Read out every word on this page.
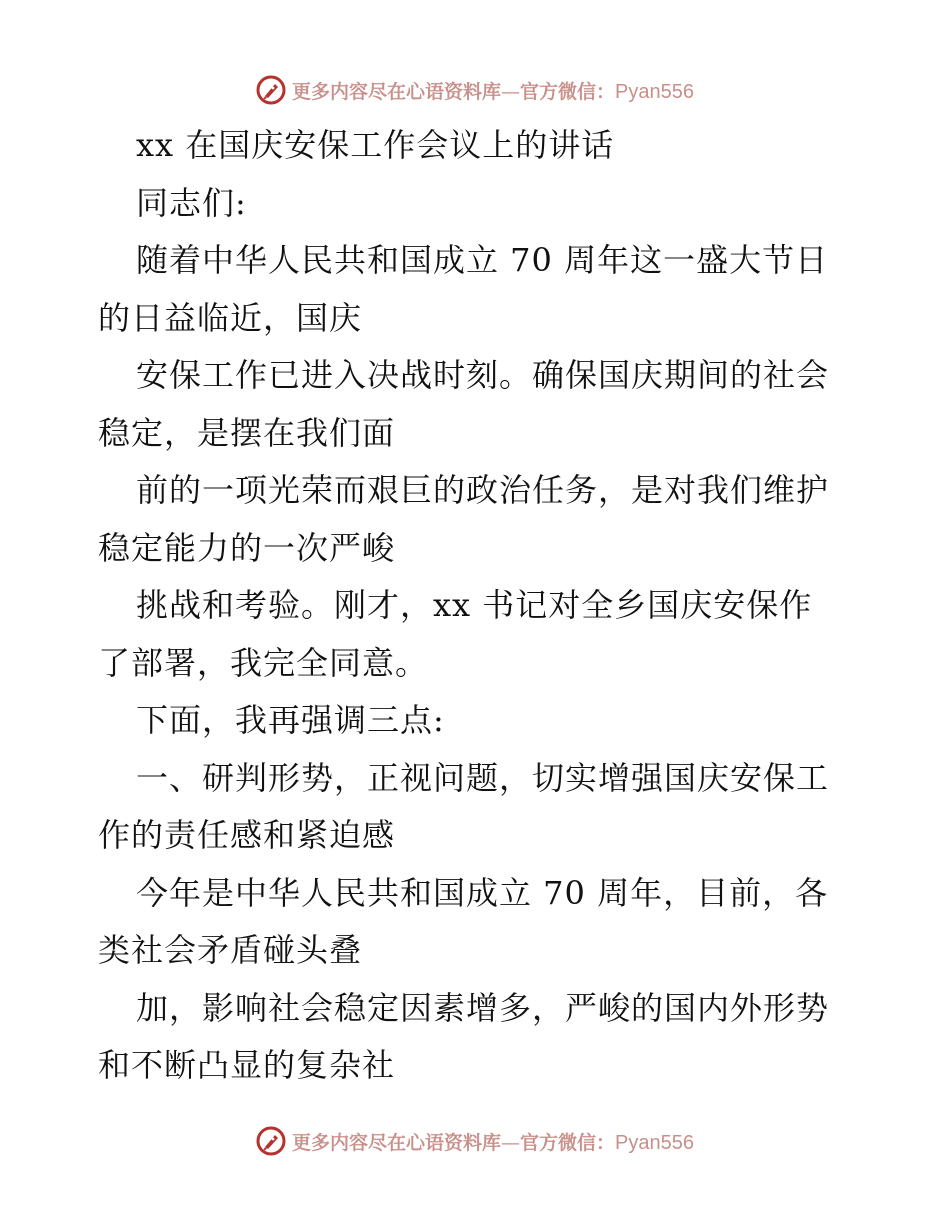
更多内容尽在心语资料库—官方微信：Pyan556
xx 在国庆安保工作会议上的讲话
同志们:
随着中华人民共和国成立 70 周年这一盛大节日
的日益临近，国庆
安保工作已进入决战时刻。确保国庆期间的社会
稳定，是摆在我们面
前的一项光荣而艰巨的政治任务，是对我们维护
稳定能力的一次严峻
挑战和考验。刚才，xx 书记对全乡国庆安保作
了部署，我完全同意。
下面，我再强调三点:
一、研判形势，正视问题，切实增强国庆安保工
作的责任感和紧迫感
今年是中华人民共和国成立 70 周年，目前，各
类社会矛盾碰头叠
加，影响社会稳定因素增多，严峻的国内外形势
和不断凸显的复杂社
更多内容尽在心语资料库—官方微信：Pyan556
